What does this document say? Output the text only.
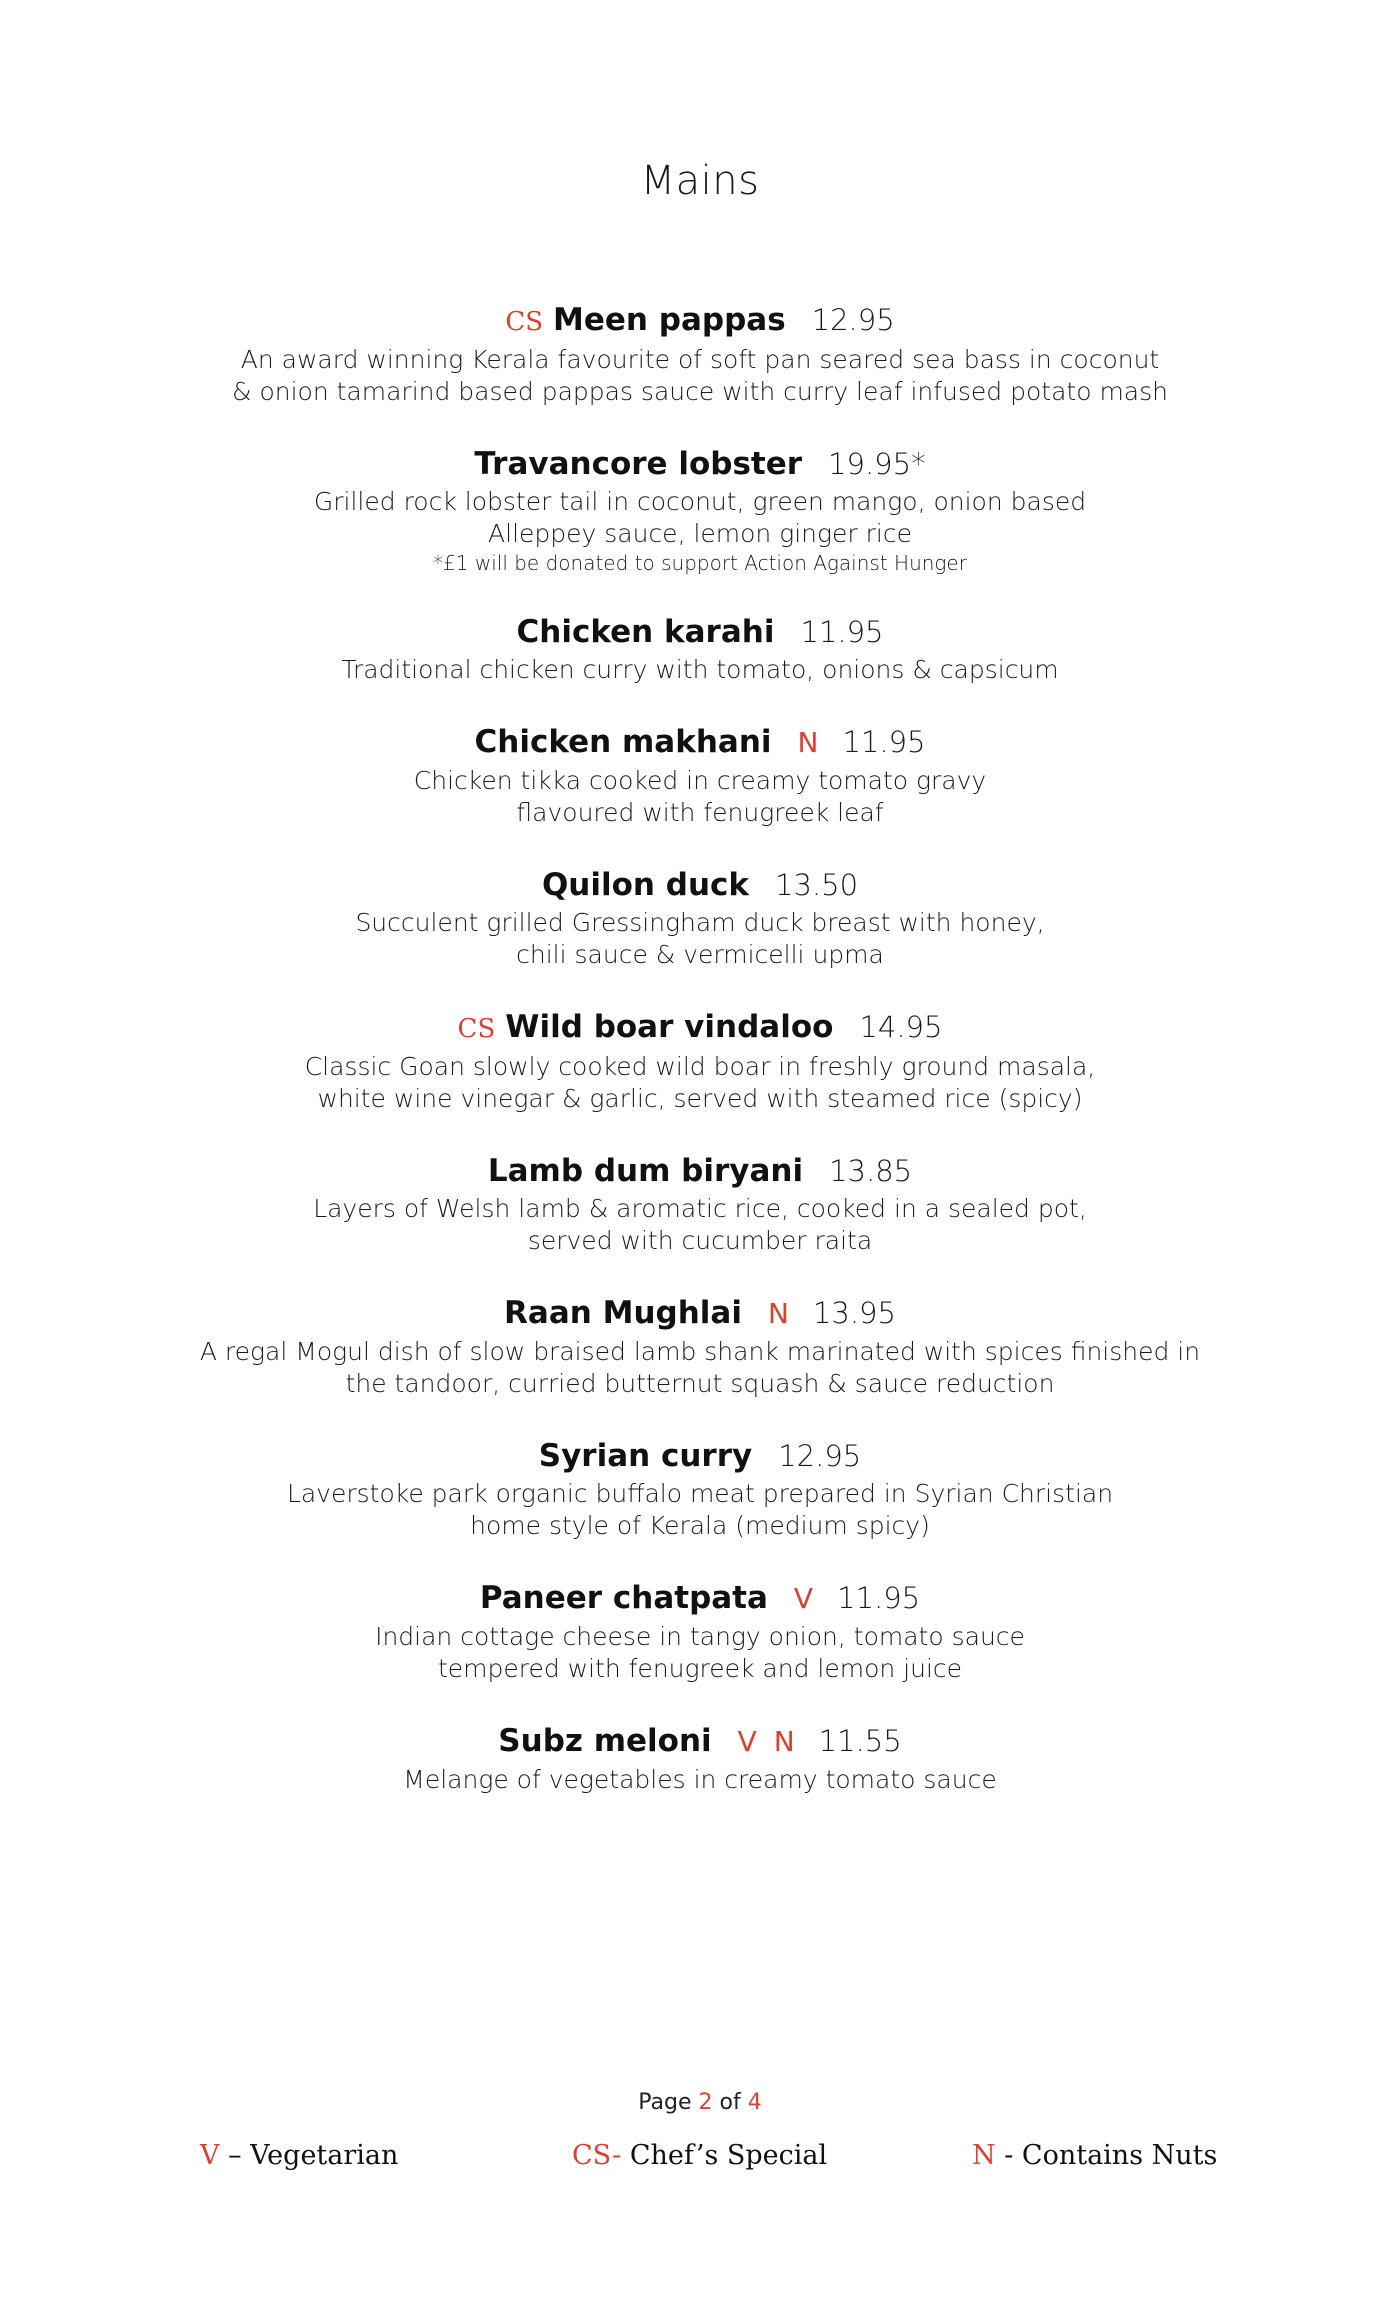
Mains
CS Meen pappas 12.95
An award winning Kerala favourite of soft pan seared sea bass in coconut
& onion tamarind based pappas sauce with curry leaf infused potato mash
Travancore lobster 19.95*
Grilled rock lobster tail in coconut, green mango, onion based
Alleppey sauce, lemon ginger rice
*£1 will be donated to support Action Against Hunger
Chicken karahi 11.95
Traditional chicken curry with tomato, onions & capsicum
Chicken makhani N 11.95
Chicken tikka cooked in creamy tomato gravy
flavoured with fenugreek leaf
Quilon duck 13.50
Succulent grilled Gressingham duck breast with honey,
chili sauce & vermicelli upma
CS Wild boar vindaloo 14.95
Classic Goan slowly cooked wild boar in freshly ground masala,
white wine vinegar & garlic, served with steamed rice (spicy)
Lamb dum biryani 13.85
Layers of Welsh lamb & aromatic rice, cooked in a sealed pot,
served with cucumber raita
Raan Mughlai N 13.95
A regal Mogul dish of slow braised lamb shank marinated with spices finished in
the tandoor, curried butternut squash & sauce reduction
Syrian curry 12.95
Laverstoke park organic buffalo meat prepared in Syrian Christian
home style of Kerala (medium spicy)
Paneer chatpata V 11.95
Indian cottage cheese in tangy onion, tomato sauce
tempered with fenugreek and lemon juice
Subz meloni V N 11.55
Melange of vegetables in creamy tomato sauce
Page 2 of 4
V – Vegetarian	CS- Chef’s Special	N - Contains Nuts
